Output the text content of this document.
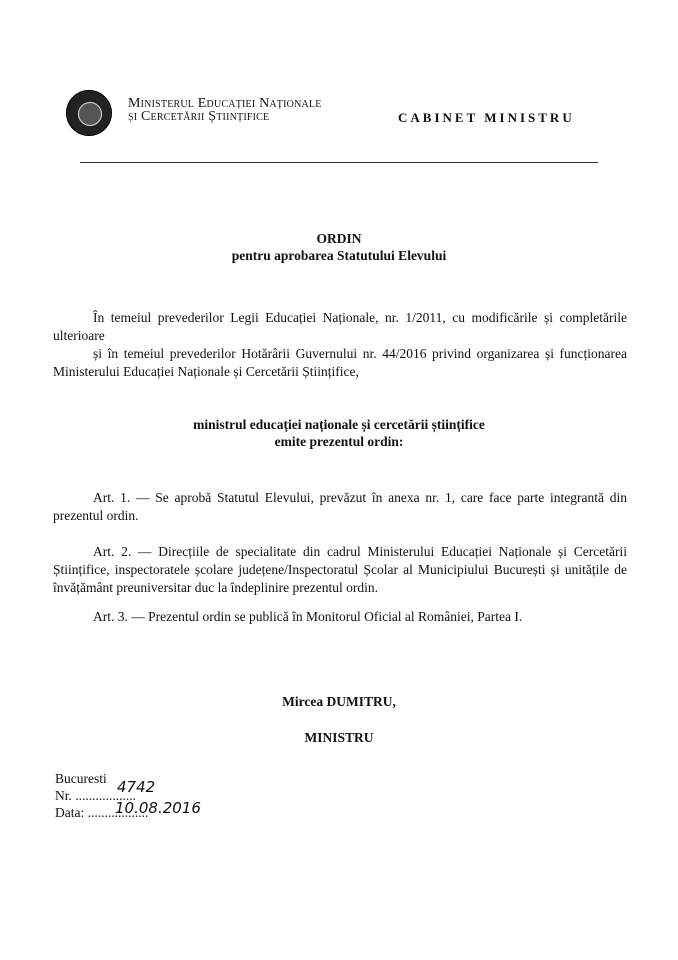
Ministerul Educației Naționale
și Cercetării Științifice	CABINET MINISTRU
ORDIN
pentru aprobarea Statutului Elevului
În temeiul prevederilor Legii Educației Naționale, nr. 1/2011, cu modificările și completările ulterioare
și în temeiul prevederilor Hotărârii Guvernului nr. 44/2016 privind organizarea și funcționarea Ministerului Educației Naționale și Cercetării Științifice,
ministrul educației naționale și cercetării științifice
emite prezentul ordin:
Art. 1. — Se aprobă Statutul Elevului, prevăzut în anexa nr. 1, care face parte integrantă din prezentul ordin.
Art. 2. — Direcțiile de specialitate din cadrul Ministerului Educației Naționale și Cercetării Științifice, inspectoratele școlare județene/Inspectoratul Școlar al Municipiului București și unitățile de învățământ preuniversitar duc la îndeplinire prezentul ordin.
Art. 3. — Prezentul ordin se publică în Monitorul Oficial al României, Partea I.
Mircea DUMITRU,
MINISTRU
Bucuresti
Nr. ..................
4742
Data: ..................
10.08.2016
